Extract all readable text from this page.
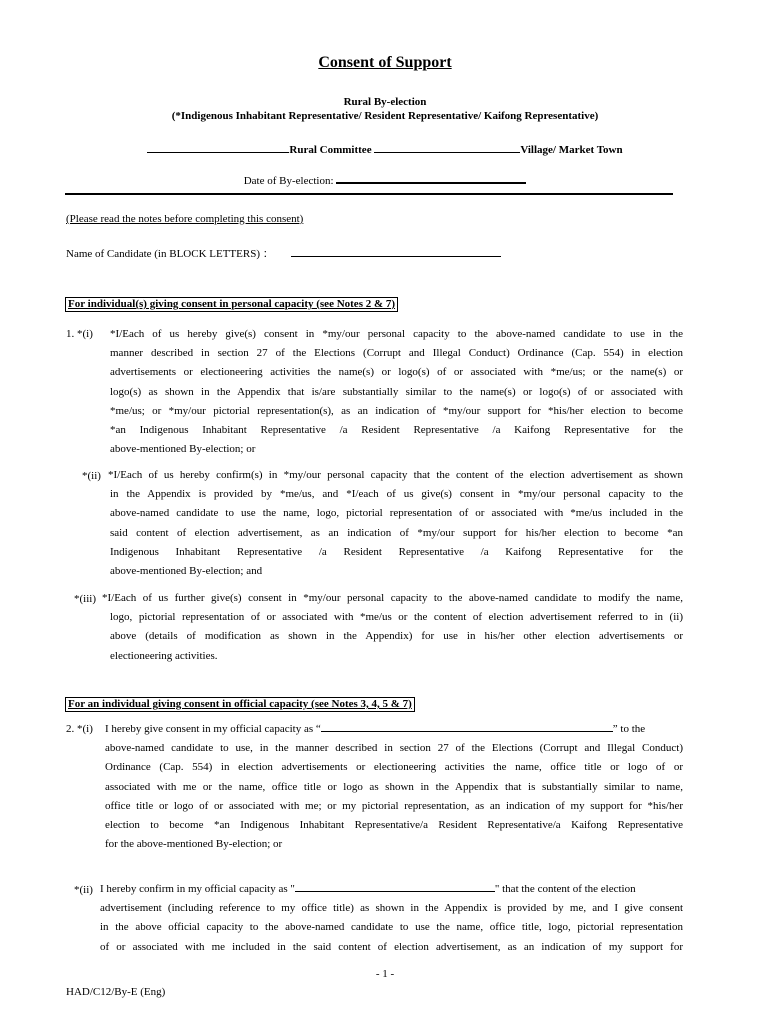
Consent of Support
Rural By-election
(*Indigenous Inhabitant Representative/ Resident Representative/ Kaifong Representative)
Rural Committee	Village/ Market Town
Date of By-election:
(Please read the notes before completing this consent)
Name of Candidate (in BLOCK LETTERS) ：
For individual(s) giving consent in personal capacity (see Notes 2 & 7)
1. *(i) *I/Each of us hereby give(s) consent in *my/our personal capacity to the above-named candidate to use in the
manner described in section 27 of the Elections (Corrupt and Illegal Conduct) Ordinance (Cap. 554) in election
advertisements or electioneering activities the name(s) or logo(s) of or associated with *me/us; or the name(s) or
logo(s) as shown in the Appendix that is/are substantially similar to the name(s) or logo(s) of or associated with
*me/us; or *my/our pictorial representation(s), as an indication of *my/our support for *his/her election to become
*an Indigenous Inhabitant Representative /a Resident Representative /a Kaifong Representative for the
above-mentioned By-election; or
*(ii) *I/Each of us hereby confirm(s) in *my/our personal capacity that the content of the election advertisement as shown
in the Appendix is provided by *me/us, and *I/each of us give(s) consent in *my/our personal capacity to the
above-named candidate to use the name, logo, pictorial representation of or associated with *me/us included in the
said content of election advertisement, as an indication of *my/our support for his/her election to become *an
Indigenous Inhabitant Representative /a Resident Representative /a Kaifong Representative for the
above-mentioned By-election; and
*(iii) *I/Each of us further give(s) consent in *my/our personal capacity to the above-named candidate to modify the name,
logo, pictorial representation of or associated with *me/us or the content of election advertisement referred to in (ii)
above (details of modification as shown in the Appendix) for use in his/her other election advertisements or
electioneering activities.
For an individual giving consent in official capacity (see Notes 3, 4, 5 & 7)
2. *(i) I hereby give consent in my official capacity as “	” to the
above-named candidate to use, in the manner described in section 27 of the Elections (Corrupt and Illegal Conduct)
Ordinance (Cap. 554) in election advertisements or electioneering activities the name, office title or logo of or
associated with me or the name, office title or logo as shown in the Appendix that is substantially similar to name,
office title or logo of or associated with me; or my pictorial representation, as an indication of my support for *his/her
election to become *an Indigenous Inhabitant Representative/a Resident Representative/a Kaifong Representative
for the above-mentioned By-election; or
*(ii) I hereby confirm in my official capacity as "	" that the content of the election
advertisement (including reference to my office title) as shown in the Appendix is provided by me, and I give consent
in the above official capacity to the above-named candidate to use the name, office title, logo, pictorial representation
of or associated with me included in the said content of election advertisement, as an indication of my support for
- 1 -
HAD/C12/By-E (Eng)
